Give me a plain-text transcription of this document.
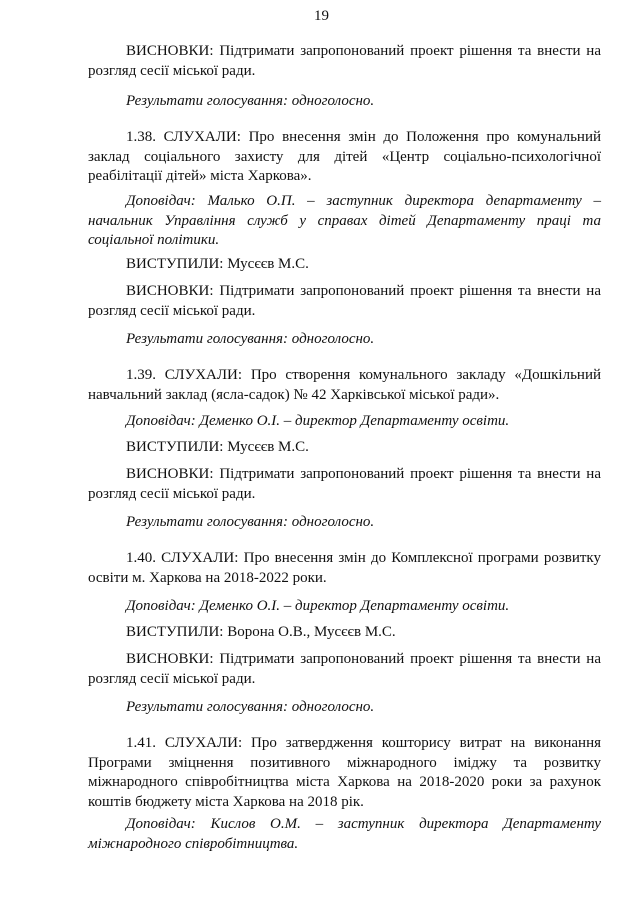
19

ВИСНОВКИ: Підтримати запропонований проект рішення та внести на розгляд сесії міської ради.

Результати голосування: одноголосно.

1.38. СЛУХАЛИ: Про внесення змін до Положення про комунальний заклад соціального захисту для дітей «Центр соціально-психологічної реабілітації дітей» міста Харкова».

Доповідач: Малько О.П. – заступник директора департаменту – начальник Управління служб у справах дітей Департаменту праці та соціальної політики.

ВИСТУПИЛИ: Мусєєв М.С.

ВИСНОВКИ: Підтримати запропонований проект рішення та внести на розгляд сесії міської ради.

Результати голосування: одноголосно.

1.39. СЛУХАЛИ: Про створення комунального закладу «Дошкільний навчальний заклад (ясла-садок) № 42 Харківської міської ради».

Доповідач: Деменко О.І. – директор Департаменту освіти.

ВИСТУПИЛИ: Мусєєв М.С.

ВИСНОВКИ: Підтримати запропонований проект рішення та внести на розгляд сесії міської ради.

Результати голосування: одноголосно.

1.40. СЛУХАЛИ: Про внесення змін до Комплексної програми розвитку освіти м. Харкова на 2018-2022 роки.

Доповідач: Деменко О.І. – директор Департаменту освіти.

ВИСТУПИЛИ: Ворона О.В., Мусєєв М.С.

ВИСНОВКИ: Підтримати запропонований проект рішення та внести на розгляд сесії міської ради.

Результати голосування: одноголосно.

1.41. СЛУХАЛИ: Про затвердження кошторису витрат на виконання Програми зміцнення позитивного міжнародного іміджу та розвитку міжнародного співробітництва міста Харкова на 2018-2020 роки за рахунок коштів бюджету міста Харкова на 2018 рік.

Доповідач: Кислов О.М. – заступник директора Департаменту міжнародного співробітництва.
